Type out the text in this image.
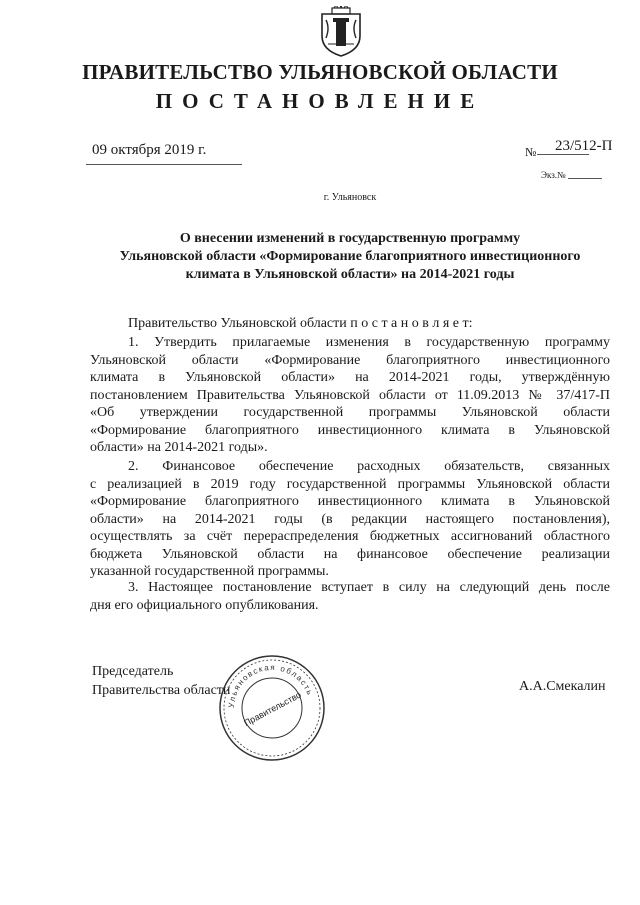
ПРАВИТЕЛЬСТВО УЛЬЯНОВСКОЙ ОБЛАСТИ
ПОСТАНОВЛЕНИЕ
09 октября 2019 г.	№ 23/512-П
Экз.№
г. Ульяновск
О внесении изменений в государственную программу
Ульяновской области «Формирование благоприятного инвестиционного
климата в Ульяновской области» на 2014-2021 годы
Правительство Ульяновской области п о с т а н о в л я е т:
1. Утвердить прилагаемые изменения в государственную программу
Ульяновской области «Формирование благоприятного инвестиционного
климата в Ульяновской области» на 2014-2021 годы, утверждённую
постановлением Правительства Ульяновской области от 11.09.2013 № 37/417-П
«Об утверждении государственной программы Ульяновской области
«Формирование благоприятного инвестиционного климата в Ульяновской
области» на 2014-2021 годы».
2. Финансовое обеспечение расходных обязательств, связанных
с реализацией в 2019 году государственной программы Ульяновской области
«Формирование благоприятного инвестиционного климата в Ульяновской
области» на 2014-2021 годы (в редакции настоящего постановления),
осуществлять за счёт перераспределения бюджетных ассигнований областного
бюджета Ульяновской области на финансовое обеспечение реализации
указанной государственной программы.
3. Настоящее постановление вступает в силу на следующий день после
дня его официального опубликования.
Председатель
Правительства области
Ульяновская область
Правительство
А.А.Смекалин
